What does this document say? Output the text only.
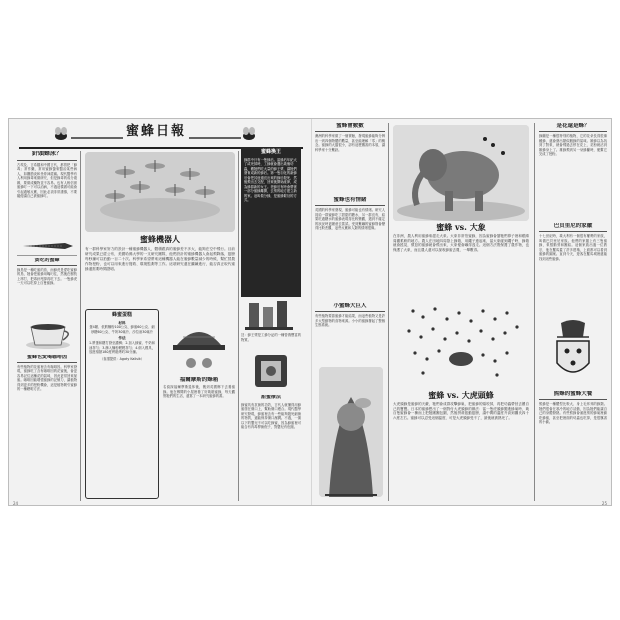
蜜蜂日報
針頭蜂尿？
古埃及、古希臘和中國古代，都曾把「蜂毒」常作藥，常用蜜蜂螫來醫治某些病人，如關節炎和坐骨神經痛。現代醫學有人利用蜂毒來做研究，但是蜂毒的成分複雜，要做成藥物並不容易。也有人相信被蜜蜂叮一下可以治病，不過這樣做可能會引起過敏反應，因此必須非常謹慎，不要隨便讓自己被蜜蜂叮。
貪吃的蜜蜂
蜂鳥是一種吃蜜的鳥，而蜂虎是愛吃蜜蜂的鳥，牠會把蜜蜂用嘴叼住，然後在樹枝上摔打，把毒針甩掉再吃下去。一隻蜂虎一天可以吃掉上百隻蜜蜂。
蜜蜂也愛喝咖啡因
有些植物的花蜜裡含有咖啡因。科學家發現，蜜蜂吃了含有咖啡因的花蜜後，會更容易記住這種花的氣味，因此更常回來採蜜。咖啡因能增強蜜蜂的記憶力，讓植物得到更多的授粉機會，這是植物吸引蜜蜂的一種聰明方法。
蜜蜂機器人
有一群科學家努力的設計一種蜜蜂機器人，體積跟真的蜜蜂差不多大，能夠在空中飛行。目前研究成果已經公布，美國哈佛大學的一支研究團隊，他們設計的蜜蜂機器人會起飛降落，翅膀每秒鐘可以拍動一百二十次。科學家希望將來這種機器人能在蜜蜂數量減少的時候，幫忙替農作物授粉，也可以用來進行搜救、環境監測等工作。這項研究還在繼續進行，能否真正取代蜜蜂還需要時間證明。
蜂蜜蛋糕
材料
蛋4顆、低筋麵粉100公克、蜂蜜60公克、細砂糖60公克、牛奶30毫升、沙拉油30毫升
作法
1.將蛋和糖打發至濃稠；2.加入蜂蜜、牛奶和油拌勻；3.篩入麵粉輕輕拌勻；4.倒入模具，放進預熱180度烤箱烤約30分鐘。
（食譜提供：Agaty Kalisik）
福爾摩斯的蜂箱
名偵探福爾摩斯退休後，搬到英國鄉下去養蜜蜂。他在鄉間的小屋裡養了好幾箱蜜蜂，每天觀察牠們的生活，還寫了一本研究蜜蜂的書。
蜜蜂換王
蜂群中只有一隻蜂后。當蜂后年紀大了或死掉時，工蜂就會選出幾個幼蟲，餵牠們吃大量的蜂王漿，讓牠們發育成新的蜂后。第一隻羽化的新蜂后會把其他還沒出來的蜂后殺死，然後飛出去交配，回來後開始產卵，成為蜂群新的女王。老蜂后有時會帶著一部分蜜蜂離開，去別的地方建立新的家。這叫做分蜂，是蜜蜂繁衍的方式。
註：蜂王漿是工蜂分泌的一種營養豐富的物質。
甜蜜療法
蜂蜜具有抗菌的功效，古代人就懂得用蜂蜜塗在傷口上，幫助傷口癒合。現代醫學研究發現，蜂蜜裡含有一些能夠殺死細菌的物質，還能保持傷口濕潤。不過，一歲以下的嬰兒不可以吃蜂蜜，因為蜂蜜裡可能含有肉毒桿菌孢子，對嬰兒有危險。
24
蜜蜂會數數
澳洲的科學家做了一個實驗，發現蜜蜂能夠分辨出一到四個物體的數量，甚至能理解「零」的概念。蜜蜂的大腦很小，卻有這麼厲害的本領，讓科學家十分驚訝。
蜜蜂也有情緒
英國的科學家發現，蜜蜂可能也有情緒。研究人員給一群蜜蜂吃了甜甜的糖水，另一群沒有，結果吃過糖水的蜜蜂表現得比較樂觀，遇到不確定的狀況時更願意去嘗試。受到驚嚇的蜜蜂則會變得比較悲觀，這些反應和人類的情緒很像。
小蜜蜂大巨人
有些植物要靠蜜蜂才能結果，而這些植物又是許多大型動物的食物來源。小小的蜜蜂撐起了整個生態系統。
蜜蜂 vs. 大象
在非洲，農人利用蜜蜂來趕走大象。大象非常怕蜜蜂，因為蜜蜂會螫牠們鼻子裡和眼睛周圍柔軟的地方。農人在田地四周掛上蜂箱，用繩子連起來，當大象碰到繩子時，蜂箱就會搖晃，憤怒的蜜蜂就會飛出來，大象便會嚇得逃走。這個方法既保護了農作物，也保護了大象，而且農人還可以採收蜂蜜去賣，一舉數得。
蜜蜂 vs. 大虎頭蜂
大虎頭蜂是蜜蜂的天敵，牠們會成群攻擊蜂巢，把蜜蜂的頭咬掉，再把幼蟲帶回去餵自己的寶寶。日本的蜜蜂想出了一個對付大虎頭蜂的辦法：當一隻虎頭蜂闖進蜂巢時，幾百隻蜜蜂會一擁而上把牠團團包圍，然後拼命振動翅膀，讓中間的溫度升高到攝氏四十六度左右。蜜蜂可以忍受這個溫度，可是大虎頭蜂受不了，最後就被熱死了。
是花還是蜂？
蜂蘭是一種很特別的植物，它的花朵長得很像雌蜂，還會發出類似雌蜂的氣味。雄蜂以為找到了對象，就會飛過去停在花上，花粉就沾到雄蜂身上了。雄蜂飛到另一朵蜂蘭時，便幫它完成了授粉。
巴貝里尼的家徽
十七世紀時，義大利有一個很有權勢的家族，叫做巴貝里尼家族。他們的家徽上有三隻蜜蜂，象徵勤勞和團結。這個家族出過一位教宗，他在羅馬蓋了許多建築，上面都可以看到蜜蜂的圖案。直到今天，遊客在羅馬城裡還能找到這些蜜蜂。
熊蜂的蜜蜂大餐
熊蜂是一種體型比較大、身上毛茸茸的蜂類。牠們很會在寒冷的地方活動，因為牠們能讓自己的身體發熱。有些熊蜂會溜進別的蜂巢裡偷吃蜂蜜，甚至把裡面的幼蟲也吃掉，是很厲害的小偷。
25
